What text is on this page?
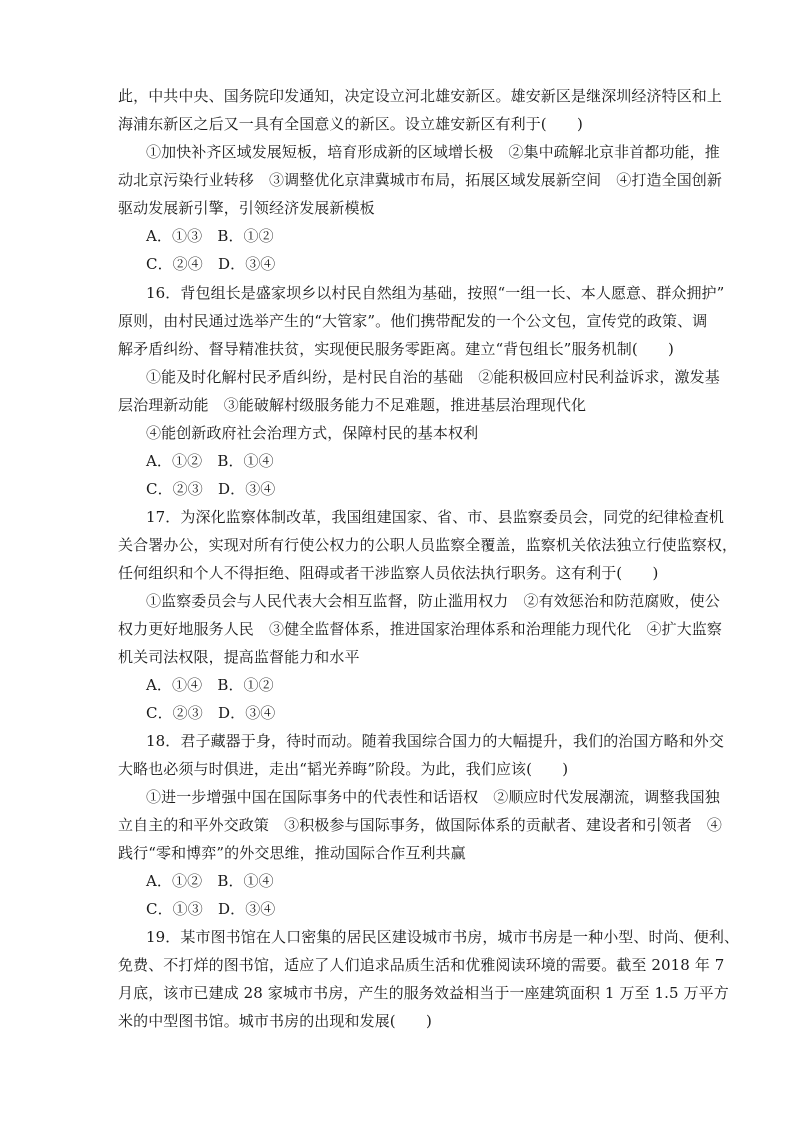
此，中共中央、国务院印发通知，决定设立河北雄安新区。雄安新区是继深圳经济特区和上
海浦东新区之后又一具有全国意义的新区。设立雄安新区有利于(　　)
①加快补齐区域发展短板，培育形成新的区域增长极　②集中疏解北京非首都功能，推
动北京污染行业转移　③调整优化京津冀城市布局，拓展区域发展新空间　④打造全国创新
驱动发展新引擎，引领经济发展新模板
A．①③　B．①②
C．②④　D．③④
16．背包组长是盛家坝乡以村民自然组为基础，按照“一组一长、本人愿意、群众拥护”
原则，由村民通过选举产生的“大管家”。他们携带配发的一个公文包，宣传党的政策、调
解矛盾纠纷、督导精准扶贫，实现便民服务零距离。建立“背包组长”服务机制(　　)
①能及时化解村民矛盾纠纷，是村民自治的基础　②能积极回应村民利益诉求，激发基
层治理新动能　③能破解村级服务能力不足难题，推进基层治理现代化
④能创新政府社会治理方式，保障村民的基本权利
A．①②　B．①④
C．②③　D．③④
17．为深化监察体制改革，我国组建国家、省、市、县监察委员会，同党的纪律检查机
关合署办公，实现对所有行使公权力的公职人员监察全覆盖，监察机关依法独立行使监察权，
任何组织和个人不得拒绝、阻碍或者干涉监察人员依法执行职务。这有利于(　　)
①监察委员会与人民代表大会相互监督，防止滥用权力　②有效惩治和防范腐败，使公
权力更好地服务人民　③健全监督体系，推进国家治理体系和治理能力现代化　④扩大监察
机关司法权限，提高监督能力和水平
A．①④　B．①②
C．②③　D．③④
18．君子藏器于身，待时而动。随着我国综合国力的大幅提升，我们的治国方略和外交
大略也必须与时俱进，走出“韬光养晦”阶段。为此，我们应该(　　)
①进一步增强中国在国际事务中的代表性和话语权　②顺应时代发展潮流，调整我国独
立自主的和平外交政策　③积极参与国际事务，做国际体系的贡献者、建设者和引领者　④
践行“零和博弈”的外交思维，推动国际合作互利共赢
A．①②　B．①④
C．①③　D．③④
19．某市图书馆在人口密集的居民区建设城市书房，城市书房是一种小型、时尚、便利、
免费、不打烊的图书馆，适应了人们追求品质生活和优雅阅读环境的需要。截至 2018 年 7
月底，该市已建成 28 家城市书房，产生的服务效益相当于一座建筑面积 1 万至 1.5 万平方
米的中型图书馆。城市书房的出现和发展(　　)
